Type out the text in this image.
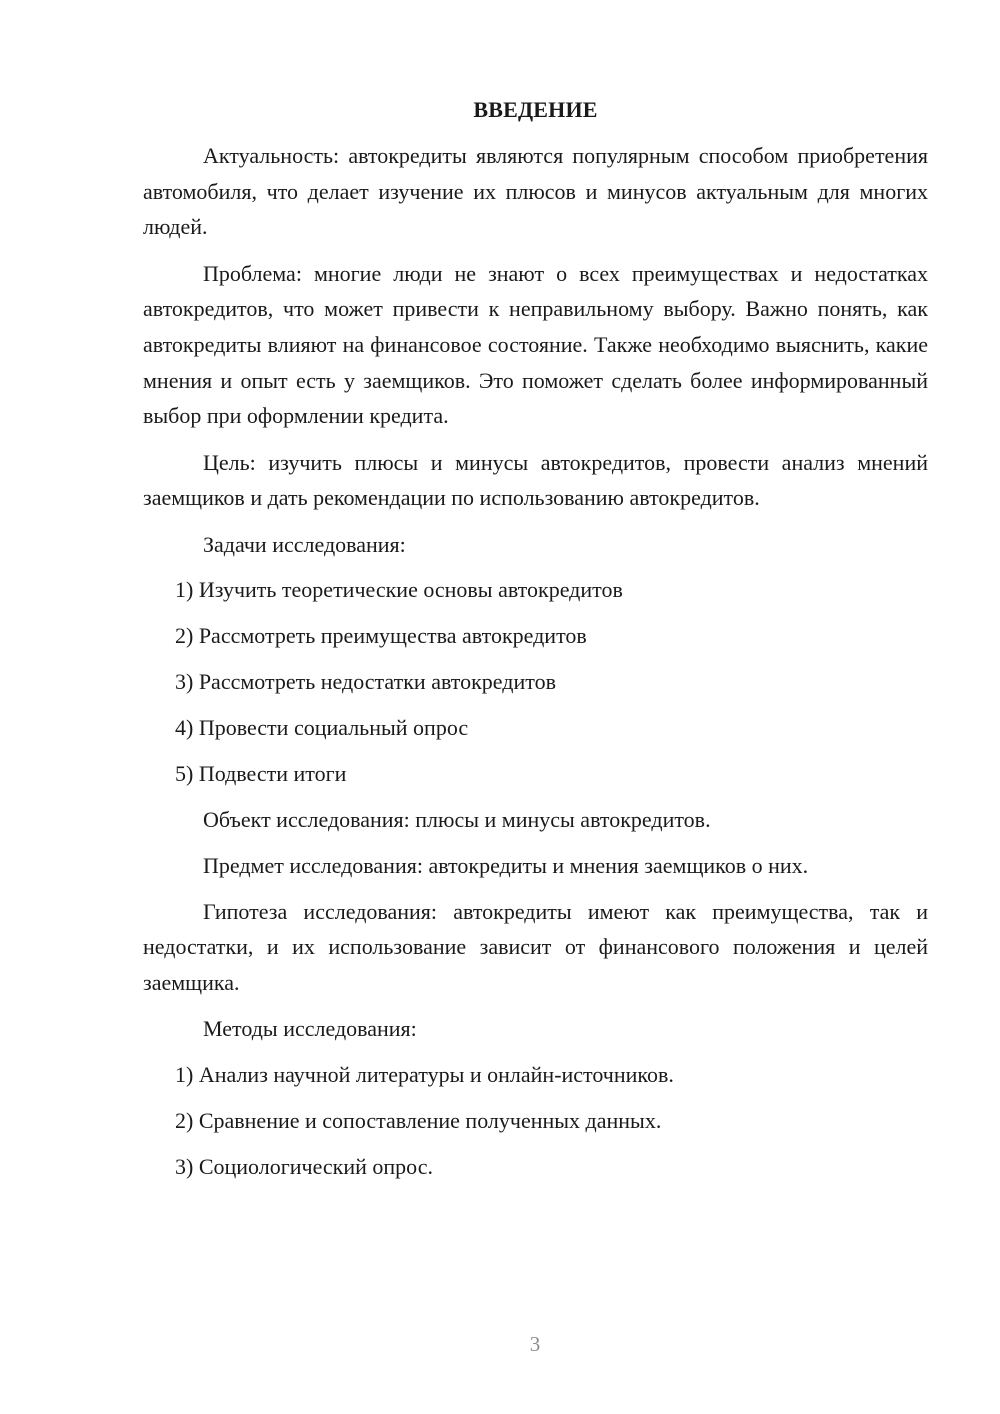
ВВЕДЕНИЕ

Актуальность: автокредиты являются популярным способом приобретения автомобиля, что делает изучение их плюсов и минусов актуальным для многих людей.

Проблема: многие люди не знают о всех преимуществах и недостатках автокредитов, что может привести к неправильному выбору. Важно понять, как автокредиты влияют на финансовое состояние. Также необходимо выяснить, какие мнения и опыт есть у заемщиков. Это поможет сделать более информированный выбор при оформлении кредита.

Цель: изучить плюсы и минусы автокредитов, провести анализ мнений заемщиков и дать рекомендации по использованию автокредитов.

Задачи исследования:
1) Изучить теоретические основы автокредитов
2) Рассмотреть преимущества автокредитов
3) Рассмотреть недостатки автокредитов
4) Провести социальный опрос
5) Подвести итоги
Объект исследования: плюсы и минусы автокредитов.
Предмет исследования: автокредиты и мнения заемщиков о них.

Гипотеза исследования: автокредиты имеют как преимущества, так и недостатки, и их использование зависит от финансового положения и целей заемщика.

Методы исследования:
1) Анализ научной литературы и онлайн-источников.
2) Сравнение и сопоставление полученных данных.
3) Социологический опрос.
3
